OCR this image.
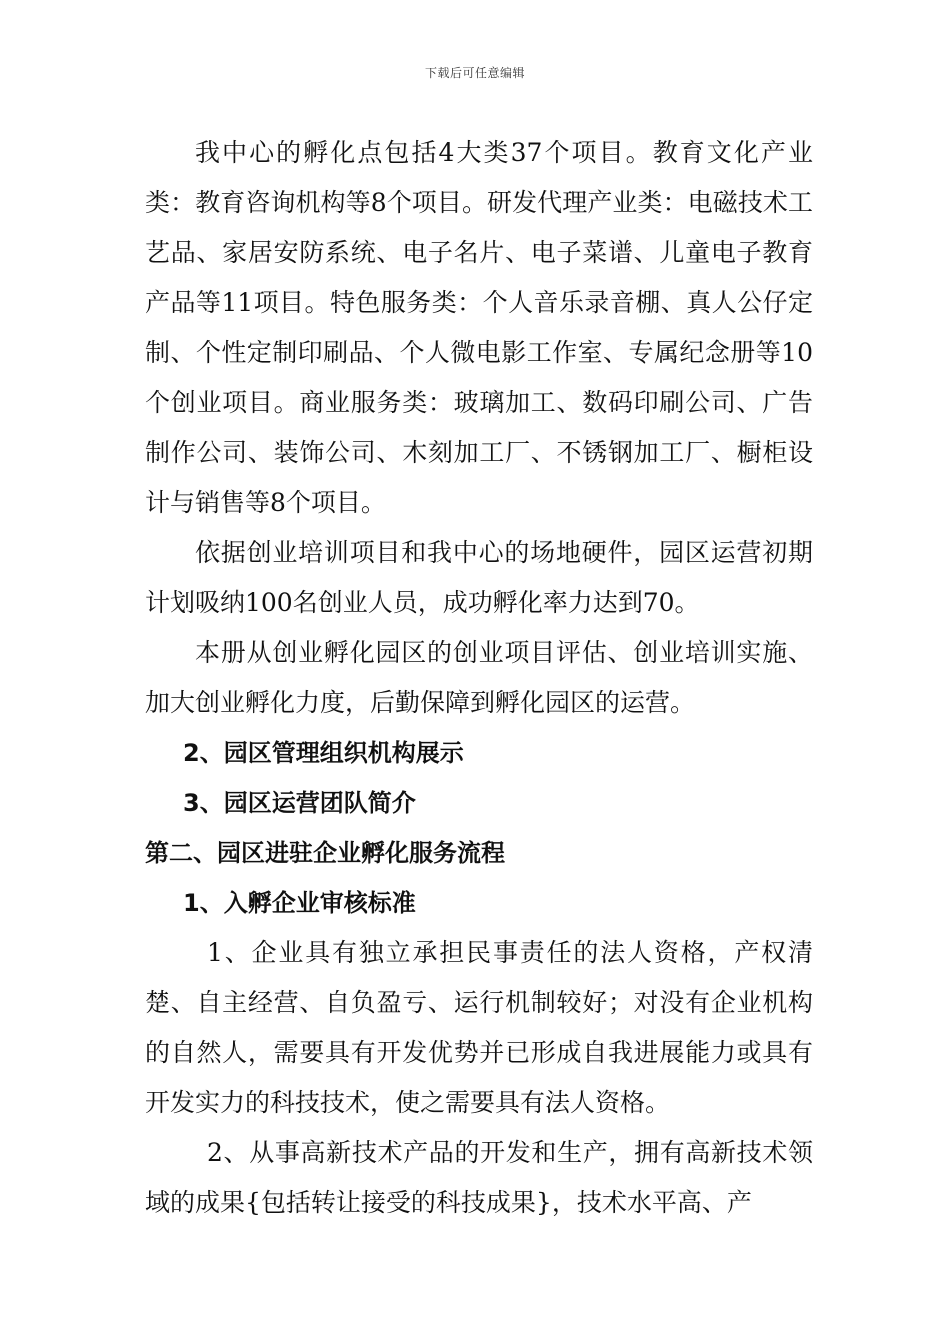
下载后可任意编辑

我中心的孵化点包括4大类37个项目。教育文化产业类：教育咨询机构等8个项目。研发代理产业类：电磁技术工艺品、家居安防系统、电子名片、电子菜谱、儿童电子教育产品等11项目。特色服务类：个人音乐录音棚、真人公仔定制、个性定制印刷品、个人微电影工作室、专属纪念册等10个创业项目。商业服务类：玻璃加工、数码印刷公司、广告制作公司、装饰公司、木刻加工厂、不锈钢加工厂、橱柜设计与销售等8个项目。

依据创业培训项目和我中心的场地硬件，园区运营初期计划吸纳100名创业人员，成功孵化率力达到70。

本册从创业孵化园区的创业项目评估、创业培训实施、加大创业孵化力度，后勤保障到孵化园区的运营。

2、园区管理组织机构展示
3、园区运营团队简介
第二、园区进驻企业孵化服务流程
1、入孵企业审核标准

1、企业具有独立承担民事责任的法人资格，产权清楚、自主经营、自负盈亏、运行机制较好；对没有企业机构的自然人，需要具有开发优势并已形成自我进展能力或具有开发实力的科技技术，使之需要具有法人资格。

2、从事高新技术产品的开发和生产，拥有高新技术领域的成果{包括转让接受的科技成果}，技术水平高、产
